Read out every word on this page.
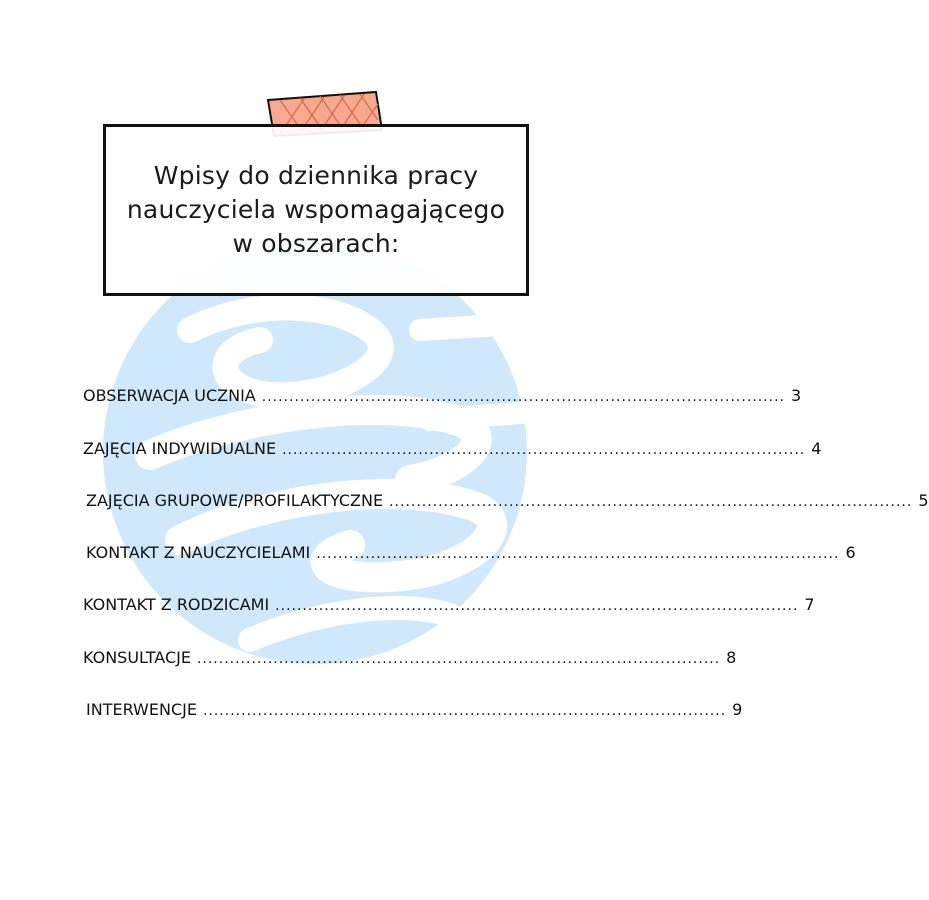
Wpisy do dziennika pracy
nauczyciela wspomagającego
w obszarach:
OBSERWACJA UCZNIA ................................................................................................ 3
ZAJĘCIA INDYWIDUALNE ................................................................................................ 4
ZAJĘCIA GRUPOWE/PROFILAKTYCZNE ................................................................................................ 5
KONTAKT Z NAUCZYCIELAMI ................................................................................................ 6
KONTAKT Z RODZICAMI ................................................................................................ 7
KONSULTACJE ................................................................................................ 8
INTERWENCJE ................................................................................................ 9
